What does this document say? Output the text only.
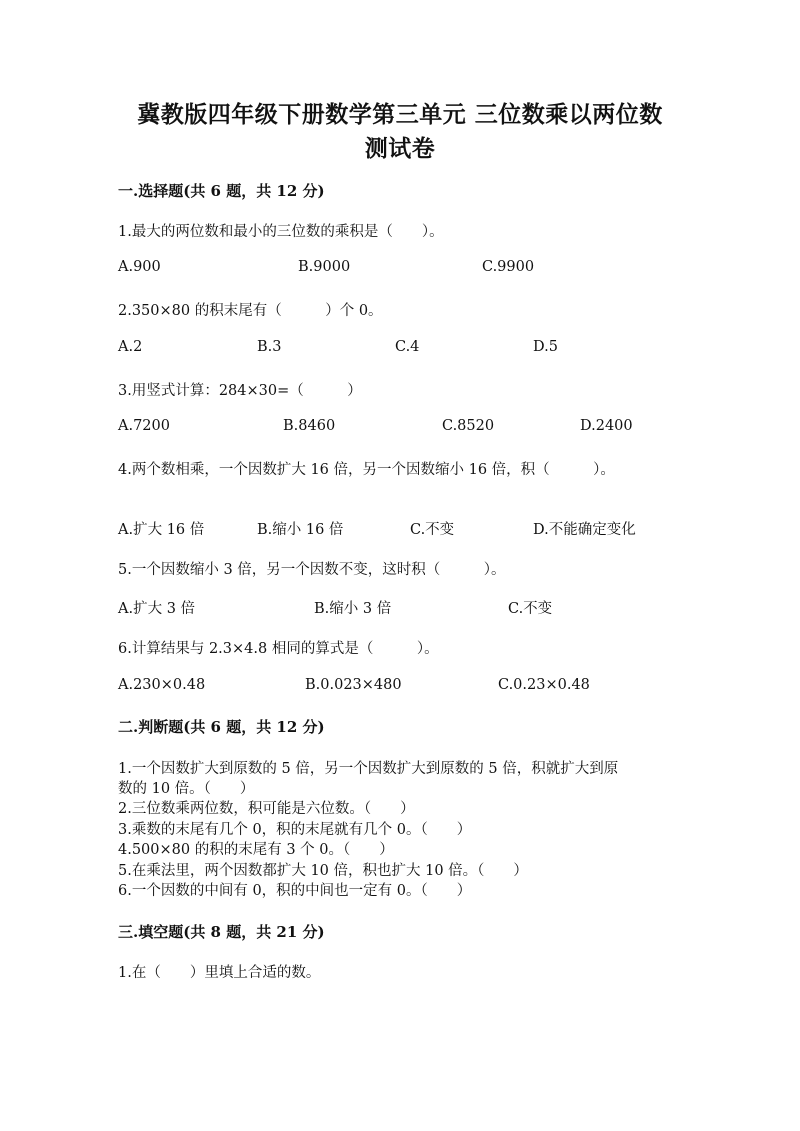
冀教版四年级下册数学第三单元 三位数乘以两位数
测试卷
一.选择题(共 6 题，共 12 分)
1.最大的两位数和最小的三位数的乘积是（　　）。
A.900	B.9000	C.9900
2.350×80 的积末尾有（　　　）个 0。
A.2	B.3	C.4	D.5
3.用竖式计算：284×30=（　　　）
A.7200	B.8460	C.8520	D.2400
4.两个数相乘，一个因数扩大 16 倍，另一个因数缩小 16 倍，积（　　　）。
A.扩大 16 倍	B.缩小 16 倍	C.不变	D.不能确定变化
5.一个因数缩小 3 倍，另一个因数不变，这时积（　　　）。
A.扩大 3 倍	B.缩小 3 倍	C.不变
6.计算结果与 2.3×4.8 相同的算式是（　　　）。
A.230×0.48	B.0.023×480	C.0.23×0.48
二.判断题(共 6 题，共 12 分)
1.一个因数扩大到原数的 5 倍，另一个因数扩大到原数的 5 倍，积就扩大到原
数的 10 倍。（　　）
2.三位数乘两位数，积可能是六位数。（　　）
3.乘数的末尾有几个 0，积的末尾就有几个 0。（　　）
4.500×80 的积的末尾有 3 个 0。（　　）
5.在乘法里，两个因数都扩大 10 倍，积也扩大 10 倍。（　　）
6.一个因数的中间有 0，积的中间也一定有 0。（　　）
三.填空题(共 8 题，共 21 分)
1.在（　　）里填上合适的数。
